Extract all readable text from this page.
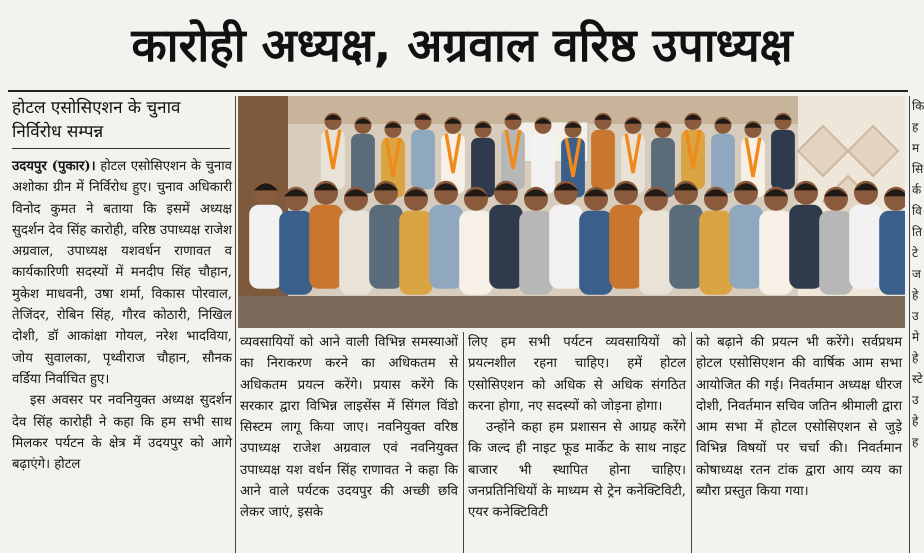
कारोही अध्यक्ष, अग्रवाल वरिष्ठ उपाध्यक्ष
होटल एसोसिएशन के चुनाव निर्विरोध सम्पन्न

उदयपुर (पुकार)। होटल एसोसिएशन के चुनाव अशोका ग्रीन में निर्विरोध हुए। चुनाव अधिकारी विनोद कुमत ने बताया कि इसमें अध्यक्ष सुदर्शन देव सिंह कारोही, वरिष्ठ उपाध्यक्ष राजेश अग्रवाल, उपाध्यक्ष यशवर्धन राणावत व कार्यकारिणी सदस्यों में मनदीप सिंह चौहान, मुकेश माधवनी, उषा शर्मा, विकास पोरवाल, तेजिंदर, रोबिन सिंह, गौरव कोठारी, निखिल दोशी, डॉ आकांक्षा गोयल, नरेश भादविया, जोय सुवालका, पृथ्वीराज चौहान, सौनक वर्डिया निर्वाचित हुए।

इस अवसर पर नवनियुक्त अध्यक्ष सुदर्शन देव सिंह कारोही ने कहा कि हम सभी साथ मिलकर पर्यटन के क्षेत्र में उदयपुर को आगे बढ़ाएंगे। होटल

व्यवसायियों को आने वाली विभिन्न समस्याओं का निराकरण करने का अधिकतम से अधिकतम प्रयत्न करेंगे। प्रयास करेंगे कि सरकार द्वारा विभिन्न लाइसेंस में सिंगल विंडो सिस्टम लागू किया जाए। नवनियुक्त वरिष्ठ उपाध्यक्ष राजेश अग्रवाल एवं नवनियुक्त उपाध्यक्ष यश वर्धन सिंह राणावत ने कहा कि आने वाले पर्यटक उदयपुर की अच्छी छवि लेकर जाएं, इसके

लिए हम सभी पर्यटन व्यवसायियों को प्रयत्नशील रहना चाहिए। हमें होटल एसोसिएशन को अधिक से अधिक संगठित करना होगा, नए सदस्यों को जोड़ना होगा।

उन्होंने कहा हम प्रशासन से आग्रह करेंगे कि जल्द ही नाइट फूड मार्केट के साथ नाइट बाजार भी स्थापित होना चाहिए। जनप्रतिनिधियों के माध्यम से ट्रेन कनेक्टिविटी, एयर कनेक्टिविटी

को बढ़ाने की प्रयत्न भी करेंगे। सर्वप्रथम होटल एसोसिएशन की वार्षिक आम सभा आयोजित की गई। निवर्तमान अध्यक्ष धीरज दोशी, निवर्तमान सचिव जतिन श्रीमाली द्वारा आम सभा में होटल एसोसिएशन से जुड़े विभिन्न विषयों पर चर्चा की। निवर्तमान कोषाध्यक्ष रतन टांक द्वारा आय व्यय का ब्यौरा प्रस्तुत किया गया।

कि हम सि र्क वि ति टे ज हे उ मे हे स्टे उ हे ह
